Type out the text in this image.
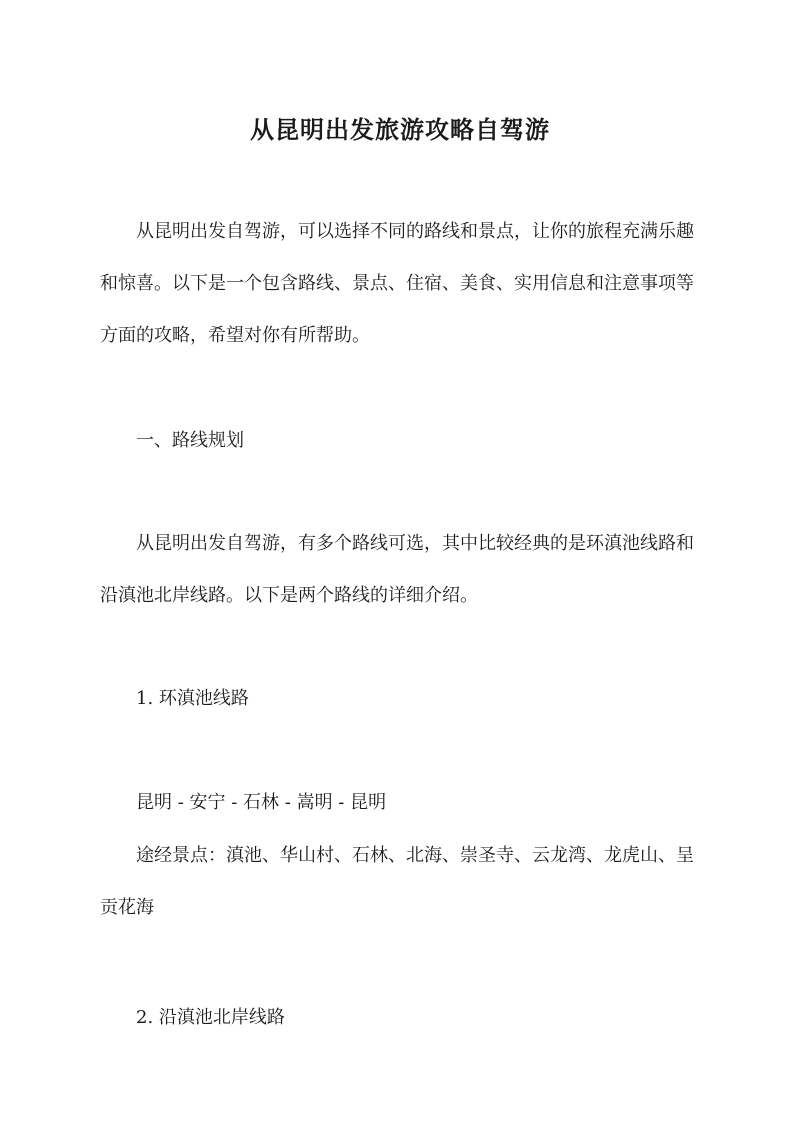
从昆明出发旅游攻略自驾游

从昆明出发自驾游，可以选择不同的路线和景点，让你的旅程充满乐趣和惊喜。以下是一个包含路线、景点、住宿、美食、实用信息和注意事项等方面的攻略，希望对你有所帮助。

一、路线规划

从昆明出发自驾游，有多个路线可选，其中比较经典的是环滇池线路和沿滇池北岸线路。以下是两个路线的详细介绍。

1. 环滇池线路

昆明 - 安宁 - 石林 - 嵩明 - 昆明

途经景点：滇池、华山村、石林、北海、崇圣寺、云龙湾、龙虎山、呈贡花海

2. 沿滇池北岸线路
